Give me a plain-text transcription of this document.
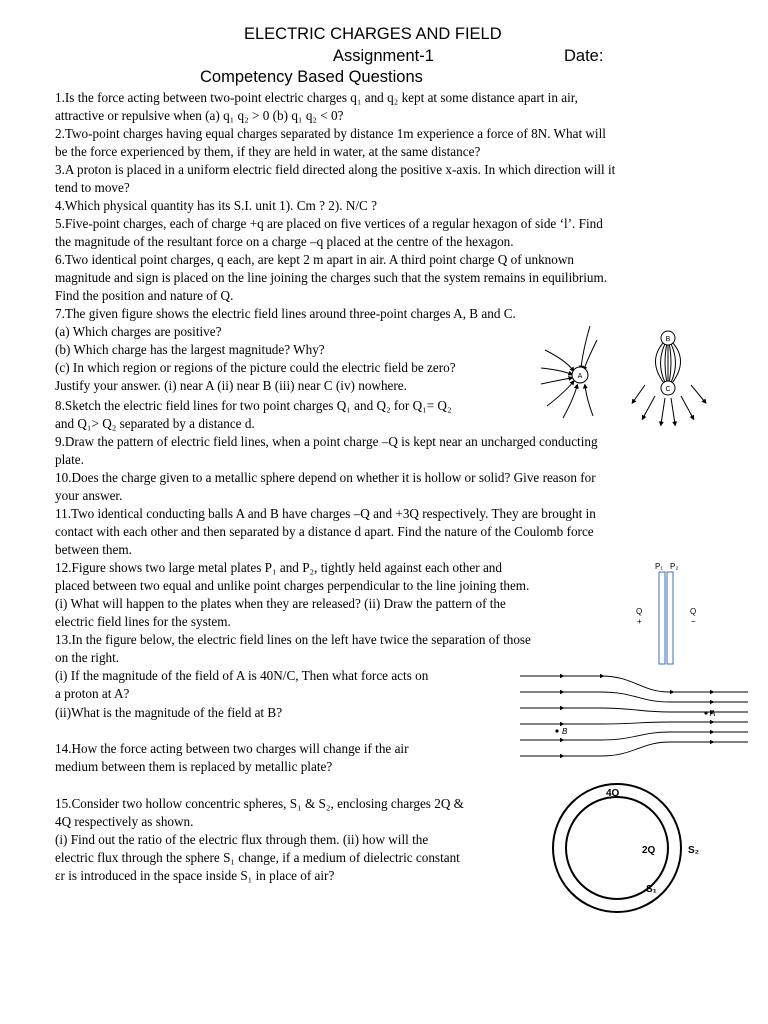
ELECTRIC CHARGES AND FIELD
Assignment-1	Date:
Competency Based Questions
1.Is the force acting between two-point electric charges q₁ and q₂ kept at some distance apart in air,
attractive or repulsive when (a) q₁ q₂ > 0 (b) q₁ q₂ < 0?
2.Two-point charges having equal charges separated by distance 1m experience a force of 8N. What will
be the force experienced by them, if they are held in water, at the same distance?
3.A proton is placed in a uniform electric field directed along the positive x-axis. In which direction will it
tend to move?
4.Which physical quantity has its S.I. unit 1). Cm ? 2). N/C ?
5.Five-point charges, each of charge +q are placed on five vertices of a regular hexagon of side ‘l’. Find
the magnitude of the resultant force on a charge –q placed at the centre of the hexagon.
6.Two identical point charges, q each, are kept 2 m apart in air. A third point charge Q of unknown
magnitude and sign is placed on the line joining the charges such that the system remains in equilibrium.
Find the position and nature of Q.
7.The given figure shows the electric field lines around three-point charges A, B and C.
(a) Which charges are positive?
(b) Which charge has the largest magnitude? Why?
(c) In which region or regions of the picture could the electric field be zero?
Justify your answer. (i) near A (ii) near B (iii) near C (iv) nowhere.
8.Sketch the electric field lines for two point charges Q₁ and Q₂ for Q₁= Q₂
and Q₁> Q₂ separated by a distance d.
9.Draw the pattern of electric field lines, when a point charge –Q is kept near an uncharged conducting
plate.
10.Does the charge given to a metallic sphere depend on whether it is hollow or solid? Give reason for
your answer.
11.Two identical conducting balls A and B have charges –Q and +3Q respectively. They are brought in
contact with each other and then separated by a distance d apart. Find the nature of the Coulomb force
between them.
12.Figure shows two large metal plates P₁ and P₂, tightly held against each other and
placed between two equal and unlike point charges perpendicular to the line joining them.
(i) What will happen to the plates when they are released? (ii) Draw the pattern of the
electric field lines for the system.
13.In the figure below, the electric field lines on the left have twice the separation of those
on the right.
(i) If the magnitude of the field of A is 40N/C, Then what force acts on
a proton at A?
(ii)What is the magnitude of the field at B?
14.How the force acting between two charges will change if the air
medium between them is replaced by metallic plate?
15.Consider two hollow concentric spheres, S₁ & S₂, enclosing charges 2Q &
4Q respectively as shown.
(i) Find out the ratio of the electric flux through them. (ii) how will the
electric flux through the sphere S₁ change, if a medium of dielectric constant
εr is introduced in the space inside S₁ in place of air?
A
B
C
P₁ P₂
Q
+
Q
−
A
B
4Q
2Q	S₂
S₁
